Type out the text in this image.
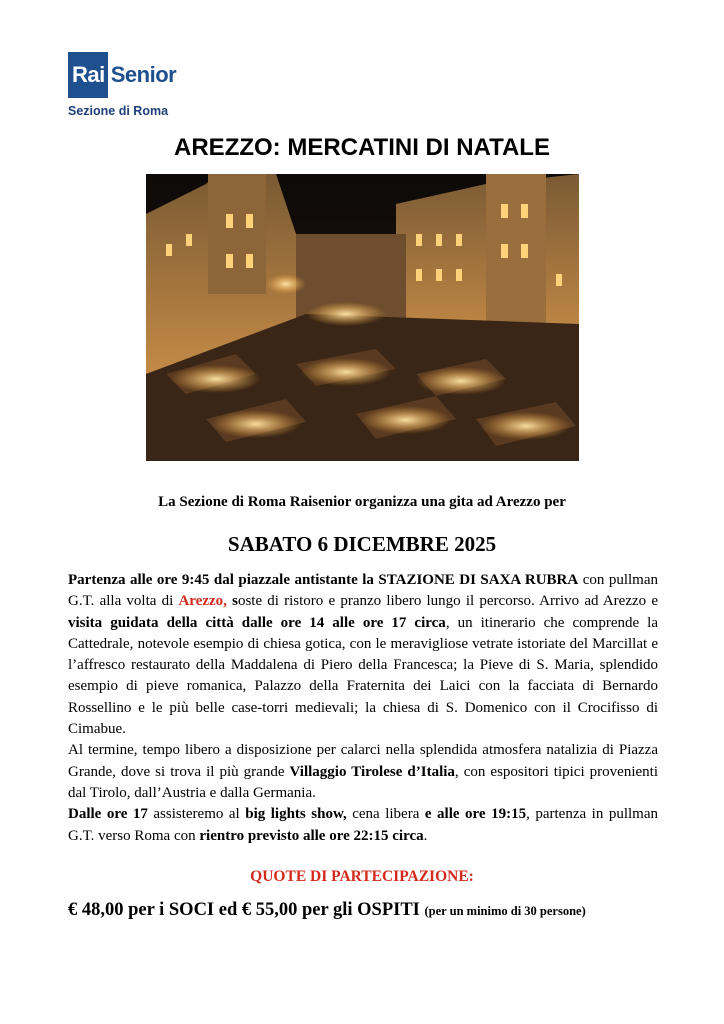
Rai Senior
Sezione di Roma
AREZZO: MERCATINI DI NATALE
La Sezione di Roma Raisenior organizza una gita ad Arezzo per
SABATO 6 DICEMBRE 2025

Partenza alle ore 9:45 dal piazzale antistante la STAZIONE DI SAXA RUBRA con pullman G.T. alla volta di Arezzo, soste di ristoro e pranzo libero lungo il percorso. Arrivo ad Arezzo e visita guidata della città dalle ore 14 alle ore 17 circa, un itinerario che comprende la Cattedrale, notevole esempio di chiesa gotica, con le meravigliose vetrate istoriate del Marcillat e l’affresco restaurato della Maddalena di Piero della Francesca; la Pieve di S. Maria, splendido esempio di pieve romanica, Palazzo della Fraternita dei Laici con la facciata di Bernardo Rossellino e le più belle case-torri medievali; la chiesa di S. Domenico con il Crocifisso di Cimabue.

Al termine, tempo libero a disposizione per calarci nella splendida atmosfera natalizia di Piazza Grande, dove si trova il più grande Villaggio Tirolese d’Italia, con espositori tipici provenienti dal Tirolo, dall’Austria e dalla Germania.

Dalle ore 17 assisteremo al big lights show, cena libera e alle ore 19:15, partenza in pullman G.T. verso Roma con rientro previsto alle ore 22:15 circa.

QUOTE DI PARTECIPAZIONE:
€ 48,00 per i SOCI ed € 55,00 per gli OSPITI (per un minimo di 30 persone)
